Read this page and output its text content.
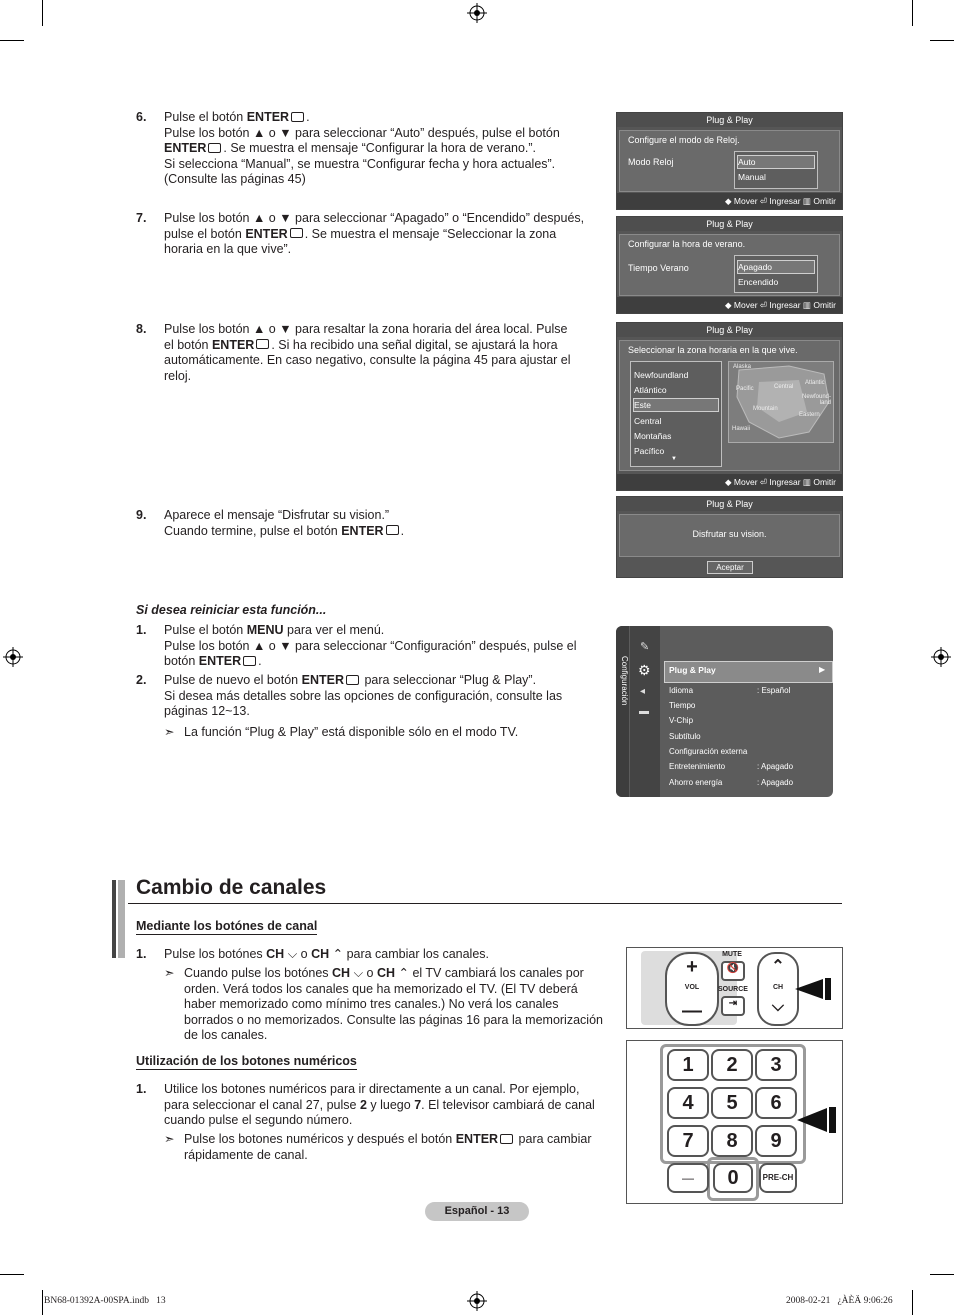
6. Pulse el botón ENTER .
Pulse los botón ▲ o ▼ para seleccionar “Auto” después, pulse el botón
ENTER . Se muestra el mensaje “Configurar la hora de verano.”.
Si selecciona “Manual”, se muestra “Configurar fecha y hora actuales”.
(Consulte las páginas 45)
7. Pulse los botón ▲ o ▼ para seleccionar “Apagado” o “Encendido” después,
pulse el botón ENTER . Se muestra el mensaje “Seleccionar la zona
horaria en la que vive”.
8. Pulse los botón ▲ o ▼ para resaltar la zona horaria del área local. Pulse
el botón ENTER . Si ha recibido una señal digital, se ajustará la hora
automáticamente. En caso negativo, consulte la página 45 para ajustar el
reloj.
9. Aparece el mensaje “Disfrutar su vision.”
Cuando termine, pulse el botón ENTER .
Plug & Play
Configure el modo de Reloj.
Modo Reloj	Auto
Manual
◆ Mover ⏎ Ingresar ▥ Omitir
Plug & Play
Configurar la hora de verano.
Tiempo Verano	Apagado
Encendido
◆ Mover ⏎ Ingresar ▥ Omitir
Plug & Play
Seleccionar la zona horaria en la que vive.
Newfoundland
Atlántico
Este
Central
Montañas
Pacífico
▼
Alaska
Pacific	Central
Atlantic
Newfound-land
Mountain
Eastern
Hawaii
◆ Mover ⏎ Ingresar ▥ Omitir
Plug & Play
Disfrutar su vision.
Aceptar
Si desea reiniciar esta función...
1. Pulse el botón MENU para ver el menú.
Pulse los botón ▲ o ▼ para seleccionar “Configuración” después, pulse el
botón ENTER .
2. Pulse de nuevo el botón ENTER para seleccionar “Plug & Play”.
Si desea más detalles sobre las opciones de configuración, consulte las
páginas 12~13.
➣ La función “Plug & Play” está disponible sólo en el modo TV.
Configuración
✎
⚙
◂
▬
Plug & Play	▶
Idioma	: Español
Tiempo
V-Chip
Subtítulo
Configuración externa
Entretenimiento	: Apagado
Ahorro energía	: Apagado
Cambio de canales
Mediante los botónes de canal
1. Pulse los botónes CH ⌵ o CH ⌃ para cambiar los canales.
➣ Cuando pulse los botónes CH ⌵ o CH ⌃ el TV cambiará los canales por
orden. Verá todos los canales que ha memorizado el TV. (El TV deberá
haber memorizado como mínimo tres canales.) No verá los canales
borrados o no memorizados. Consulte las páginas 16 para la memorización
de los canales.
Utilización de los botones numéricos
1. Utilice los botones numéricos para ir directamente a un canal. Por ejemplo,
para seleccionar el canal 27, pulse 2 y luego 7. El televisor cambiará de canal
cuando pulse el segundo número.
➣ Pulse los botones numéricos y después el botón ENTER para cambiar
rápidamente de canal.
+
VOL
—
MUTE
🔇
SOURCE
⇥
⌃
CH
⌵
1	2	3
4	5	6
7	8	9
—	0	PRE-CH
Español - 13
BN68-01392A-00SPA.indb   13	2008-02-21   ¿ÀÈÄ 9:06:26
